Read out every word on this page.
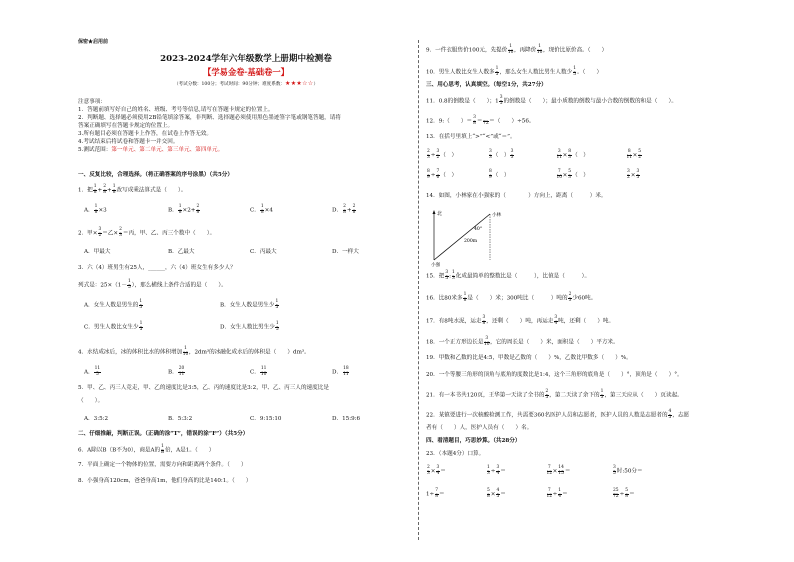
保密★启用前
2023-2024学年六年级数学上册期中检测卷
【学易金卷·基础卷一】
（考试分数：100分；考试时间：90分钟；难度系数：★★★☆☆）
注意事项：
1．答题前填写好自己的姓名、班级、考号等信息,请写在答题卡规定的位置上。
2．判断题、选择题必须使用2B铅笔填涂答案，非判断、选择题必须使用黑色墨迹签字笔或钢笔答题，请将
答案正确填写在答题卡规定的位置上。
3.所有题目必须在答题卡上作答，在试卷上作答无效。
4.考试结束后将试卷和答题卡一并交回。
5.测试范围：第一单元、第二单元、第三单元、第四单元。
一、反复比较，合理选择。（将正确答案的序号涂黑）（共5分）
1．把 $\frac{1}{8} + \frac{2}{8} + \frac{1}{8}$ 改写成乘法算式是（　　）。
A． $\frac{1}{8} \times 3$	B． $\frac{1}{8} \times 2+ \frac{2}{8}$	C． $\frac{1}{8} \times 4$	D． $\frac{2}{8} + \frac{2}{8}$
2．甲× $\frac{3}{2}$ ＝乙× $\frac{2}{3}$ ＝丙，甲、乙、丙三个数中（　　）。
A．甲最大	B．乙最大	C．丙最大	D．一样大
3．六（4）班男生有25人，______，六（4）班女生有多少人？
列式是：$25\times(1- \frac{1}{5}$ ），那么横线上条件合适的是（　　）。
A．女生人数是男生的 $\frac{1}{5}$	B．女生人数是男生少 $\frac{1}{5}$
C．男生人数比女生少 $\frac{1}{5}$	D．女生人数比男生少 $\frac{1}{5}$
4．水结成冰后，冰的体积比水的体积增加 $\frac{1}{10}$ ，2dm³的冰融化成水后的体积是（　　）dm³。
A． $\frac{11}{5}$	B． $\frac{20}{11}$	C． $\frac{11}{10}$	D． $\frac{18}{11}$
5．甲、乙、丙三人竞走，甲、乙的速度比是3:5，乙、丙的速度比是3:2，甲、乙、丙三人的速度比是
（　　）。
A．3:5:2	B．5:3:2	C．9:15:10	D．15:9:6
二、仔细推敲，判断正误。（正确的涂“T”，错误的涂“F”）（共5分）
6．A除以B（B不为0），商是A的 $\frac{1}{B}$ 倍，A是1。（　　）
7．平面上确定一个物体的位置，需要方向和距离两个条件。（　　）
8．小强身高120cm，爸爸身高1m，他们身高的比是140:1。（　　）
9．一件衣服售价100元，先提价 $\frac{1}{10}$ ，再降价 $\frac{1}{10}$ ，现价比原价高。（　　）
10．男生人数比女生人数多 $\frac{1}{5}$ ，那么女生人数比男生人数少 $\frac{1}{5}$ 。（　　）
三、用心思考，认真填空。（每空1分，共27分）
11．0.8的倒数是（　　）；$1 \frac{3}{5}$ 的倒数是（　　）；最小质数的倒数与最小合数的倒数的和是（　　）。
12．9:（　　）＝ $\frac{3}{8}$ ＝
　 72 ＝（　　）÷56。
13．在括号里填上“>”“<”或“＝”。
$\frac{2}{3} \div \frac{3}{2}$ （　）	$\frac{3}{3}$ （　） $\frac{3}{3}$	$\frac{3}{11} \times \frac{8}{3}$ （　）	$\frac{8}{11} \times \frac{5}{2}$
$\frac{8}{9} \div \frac{7}{6}$ （　）	$\frac{8}{9}$ （　）	$\frac{7}{10} \times \frac{5}{3}$ （　）	$\frac{3}{2} \times \frac{3}{5}$
14．如图，小林家在小强家的（　　　　）方向上，距离（　　　）米。
北	小林
小强
40°
200m
15．把 $\frac{3}{5}$ : $\frac{1}{3}$ 化成最简单的整数比是（　　　），比值是（　　　）。
16．比80米多 $\frac{1}{8}$ 是（　　）米；300吨比（　　　）吨的 $\frac{2}{3}$ 少60吨。
17．有8吨水泥，运走 $\frac{3}{8}$ ，还剩（　　）吨，再运走 $\frac{3}{4}$ 吨，还剩（　　）吨。
18．一个正方形边长是 $\frac{3}{10}$ ，它的周长是（　　）米，面积是（　　）平方米。
19．甲数和乙数的比是4:5，甲数是乙数的（　　）%，乙数比甲数多（　　）%。
20．一个等腰三角形的顶角与底角的度数比是1:4，这个三角形的底角是（　　）°，顶角是（　　）°。
21．有一本书共120页，王华第一天读了全书的 $\frac{2}{5}$ ，第二天读了余下的 $\frac{1}{3}$ ，第三天应从（　　）页读起。
22．某镇要进行一次核酸检测工作，共需要360名医护人员和志愿者，医护人员的人数是志愿者的 $\frac{4}{5}$ ，志愿
者有（　　）人，医护人员有（　　）名。
四、看清题目，巧思妙算。（共28分）
23．（本题4分）口算。
$\frac{2}{3} \times \frac{3}{4}$ ＝	$\frac{1}{3} \div \frac{3}{4}$ ＝	$\frac{7}{12} \times \frac{14}{15}$ ＝	$\frac{3}{5}$ 时:50分＝
$1\div \frac{7}{8}$ ＝	$\frac{5}{8} \times \frac{4}{5}$ ＝	$\frac{7}{12} \div \frac{1}{4}$ ＝	$\frac{25}{72} \div \frac{5}{8}$ ＝
